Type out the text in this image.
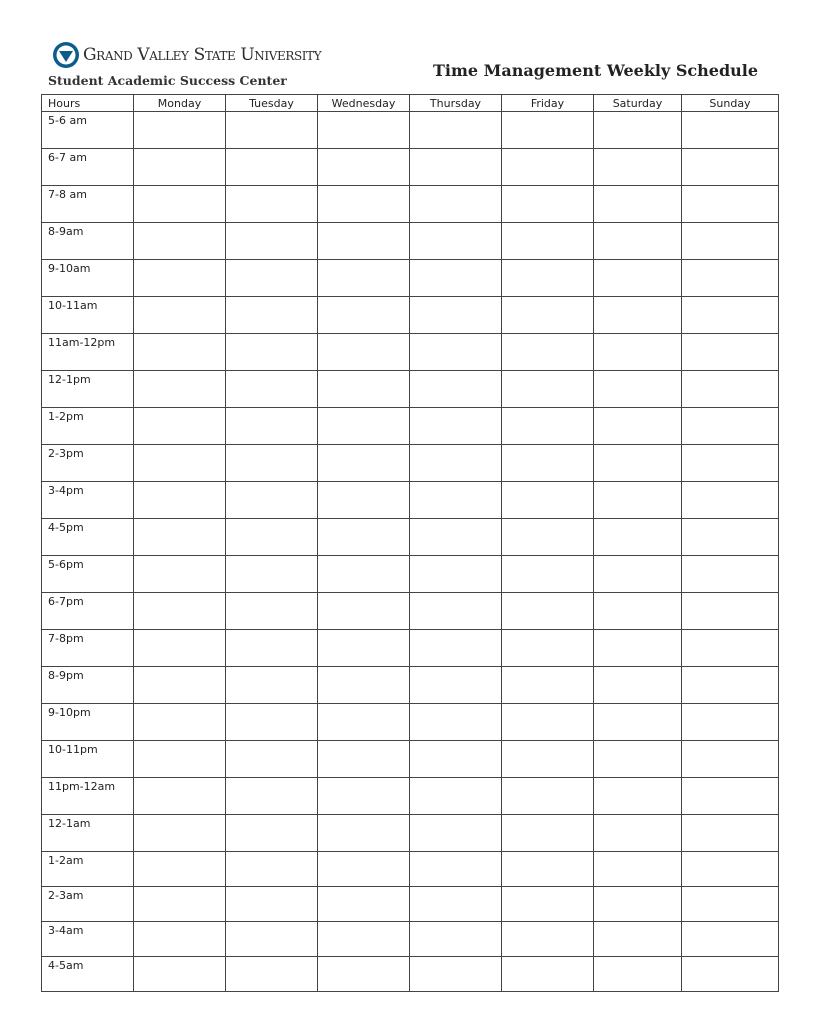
Grand Valley State University
Student Academic Success Center
Time Management Weekly Schedule
Hours	Monday	Tuesday	Wednesday	Thursday	Friday	Saturday	Sunday
5-6 am							
6-7 am							
7-8 am							
8-9am							
9-10am							
10-11am							
11am-12pm							
12-1pm							
1-2pm							
2-3pm							
3-4pm							
4-5pm							
5-6pm							
6-7pm							
7-8pm							
8-9pm							
9-10pm							
10-11pm							
11pm-12am							
12-1am							
1-2am							
2-3am							
3-4am							
4-5am							
